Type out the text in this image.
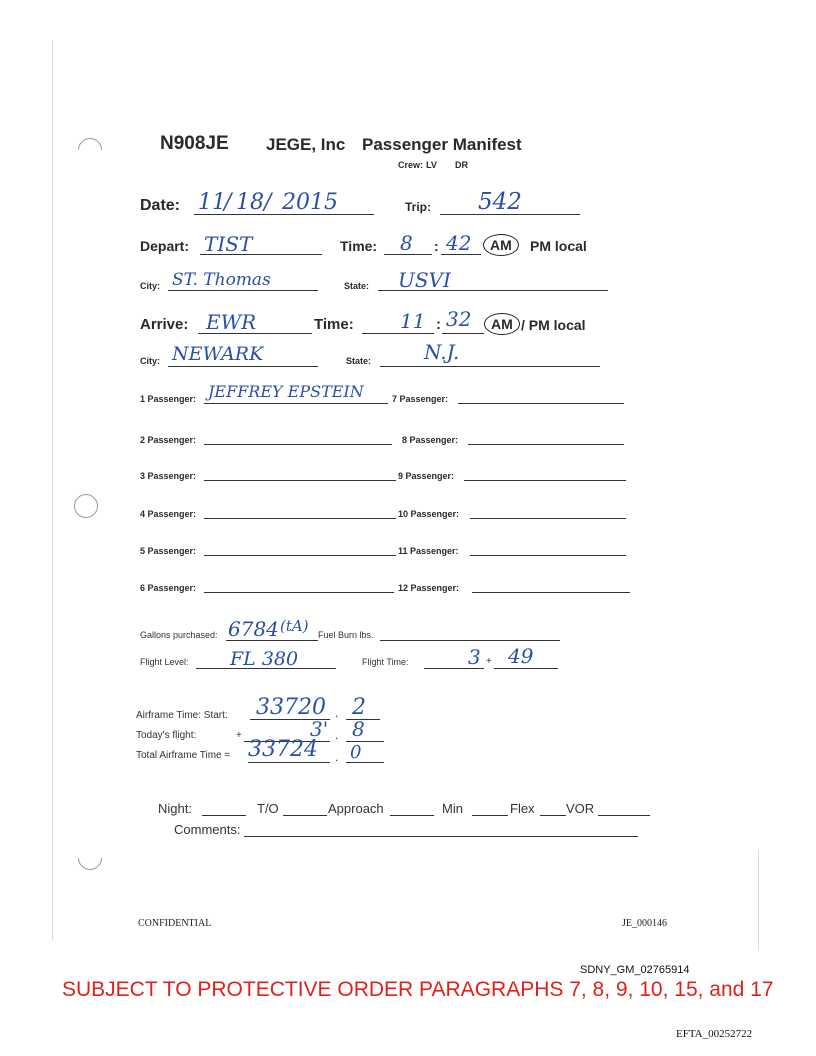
N908JE JEGE, Inc Passenger Manifest
Crew: LV DR
Date: 11
/ 18 / 2015	Trip: 542
Depart: TIST	Time: 8 : 42	AM	PM local
City: ST. Thomas	State: USVI
Arrive: EWR	Time: 11 : 32	AM / PM local
City: NEWARK	State:	N.J.
1 Passenger: JEFFREY EPSTEIN
2 Passenger:
3 Passenger:
4 Passenger:
5 Passenger:
6 Passenger:
7 Passenger:
8 Passenger:
9 Passenger:
10 Passenger:
11 Passenger:
12 Passenger:
Gallons purchased: 6784 (tA) Fuel Burn lbs.
Flight Level: FL 380	Flight Time:	3 + 49
Airframe Time: Start: 33720 . 2
Today's flight:	+	3' . 8
Total Airframe Time = 33724 . 0
Night:	T/O	Approach	Min	Flex VOR
Comments:
CONFIDENTIAL	JE_000146
SDNY_GM_02765914
SUBJECT TO PROTECTIVE ORDER PARAGRAPHS 7, 8, 9, 10, 15, and 17
EFTA_00252722
